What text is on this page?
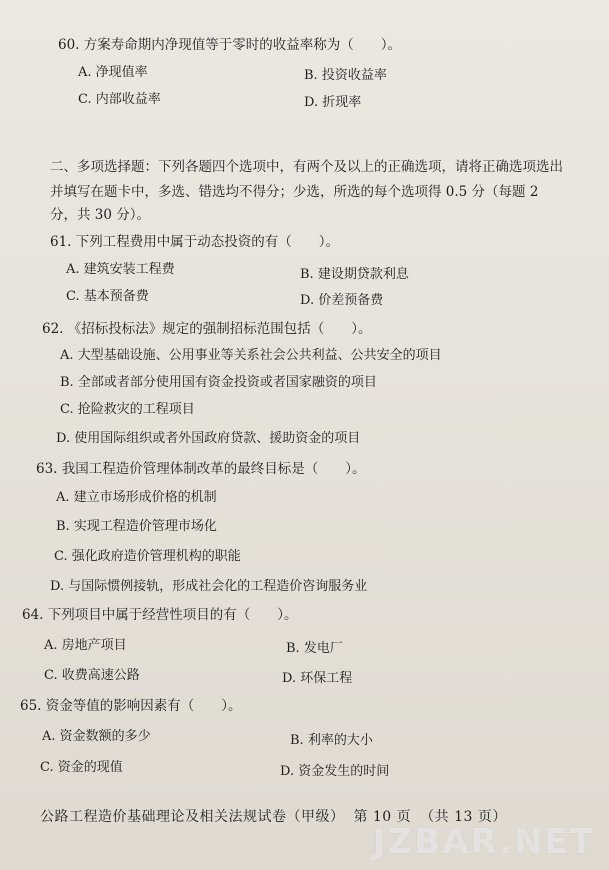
60. 方案寿命期内净现值等于零时的收益率称为（　　）。
A. 净现值率	B. 投资收益率
C. 内部收益率	D. 折现率
二、多项选择题：下列各题四个选项中，有两个及以上的正确选项，请将正确选项选出
并填写在题卡中，多选、错选均不得分；少选，所选的每个选项得 0.5 分（每题 2
分，共 30 分）。
61. 下列工程费用中属于动态投资的有（　　）。
A. 建筑安装工程费	B. 建设期贷款利息
C. 基本预备费	D. 价差预备费
62. 《招标投标法》规定的强制招标范围包括（　　）。
A. 大型基础设施、公用事业等关系社会公共利益、公共安全的项目
B. 全部或者部分使用国有资金投资或者国家融资的项目
C. 抢险救灾的工程项目
D. 使用国际组织或者外国政府贷款、援助资金的项目
63. 我国工程造价管理体制改革的最终目标是（　　）。
A. 建立市场形成价格的机制
B. 实现工程造价管理市场化
C. 强化政府造价管理机构的职能
D. 与国际惯例接轨，形成社会化的工程造价咨询服务业
64. 下列项目中属于经营性项目的有（　　）。
A. 房地产项目	B. 发电厂
C. 收费高速公路	D. 环保工程
65. 资金等值的影响因素有（　　）。
A. 资金数额的多少	B. 利率的大小
C. 资金的现值	D. 资金发生的时间
公路工程造价基础理论及相关法规试卷（甲级） 第 10 页 （共 13 页）
JZBAR.NET
